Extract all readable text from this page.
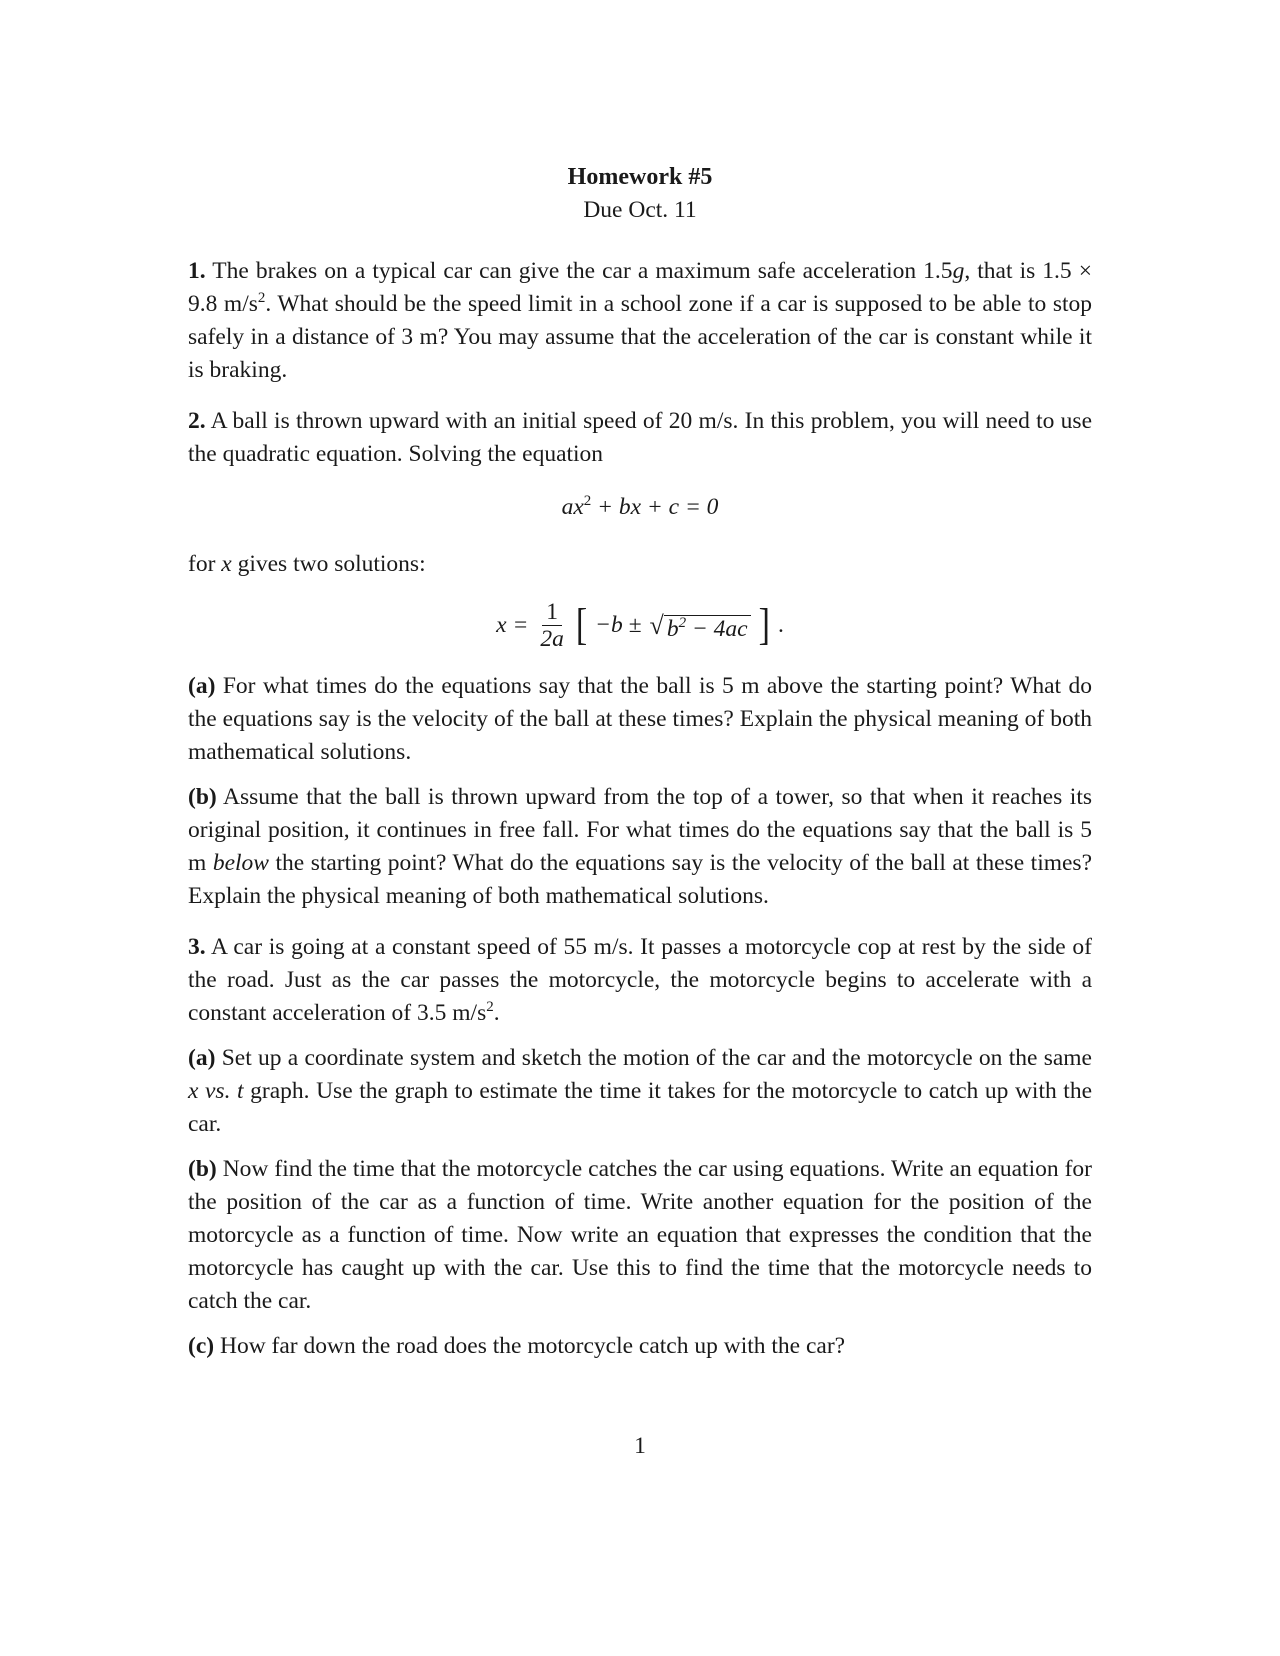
Homework #5
Due Oct. 11

1. The brakes on a typical car can give the car a maximum safe acceleration 1.5g, that is 1.5 × 9.8 $m/s^2$. What should be the speed limit in a school zone if a car is supposed to be able to stop safely in a distance of 3 m? You may assume that the acceleration of the car is constant while it is braking.

2. A ball is thrown upward with an initial speed of 20 m/s. In this problem, you will need to use the quadratic equation. Solving the equation

$ax^2$ + bx + c = 0

for x gives two solutions:

$x = \frac{1}{2a}$ [ −b ± √ $b^2 - 4ac$ ] .

(a) For what times do the equations say that the ball is 5 m above the starting point? What do the equations say is the velocity of the ball at these times? Explain the physical meaning of both mathematical solutions.

(b) Assume that the ball is thrown upward from the top of a tower, so that when it reaches its original position, it continues in free fall. For what times do the equations say that the ball is 5 m below the starting point? What do the equations say is the velocity of the ball at these times? Explain the physical meaning of both mathematical solutions.

3. A car is going at a constant speed of 55 m/s. It passes a motorcycle cop at rest by the side of the road. Just as the car passes the motorcycle, the motorcycle begins to accelerate with a constant acceleration of 3.5 $m/s^2$.

(a) Set up a coordinate system and sketch the motion of the car and the motorcycle on the same x vs. t graph. Use the graph to estimate the time it takes for the motorcycle to catch up with the car.

(b) Now find the time that the motorcycle catches the car using equations. Write an equation for the position of the car as a function of time. Write another equation for the position of the motorcycle as a function of time. Now write an equation that expresses the condition that the motorcycle has caught up with the car. Use this to find the time that the motorcycle needs to catch the car.

(c) How far down the road does the motorcycle catch up with the car?

1
